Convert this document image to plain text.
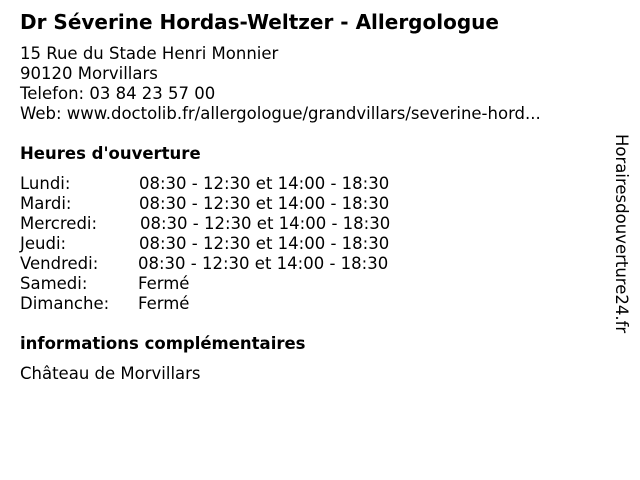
Dr Séverine Hordas-Weltzer - Allergologue
15 Rue du Stade Henri Monnier
90120 Morvillars
Telefon: 03 84 23 57 00
Web: www.doctolib.fr/allergologue/grandvillars/severine-hord...
Heures d'ouverture
Lundi:	08:30 - 12:30 et 14:00 - 18:30
Mardi:	08:30 - 12:30 et 14:00 - 18:30
Mercredi:	08:30 - 12:30 et 14:00 - 18:30
Jeudi:	08:30 - 12:30 et 14:00 - 18:30
Vendredi: 08:30 - 12:30 et 14:00 - 18:30
Samedi:	Fermé
Dimanche: Fermé
informations complémentaires
Château de Morvillars
Horairesdouverture24.fr
